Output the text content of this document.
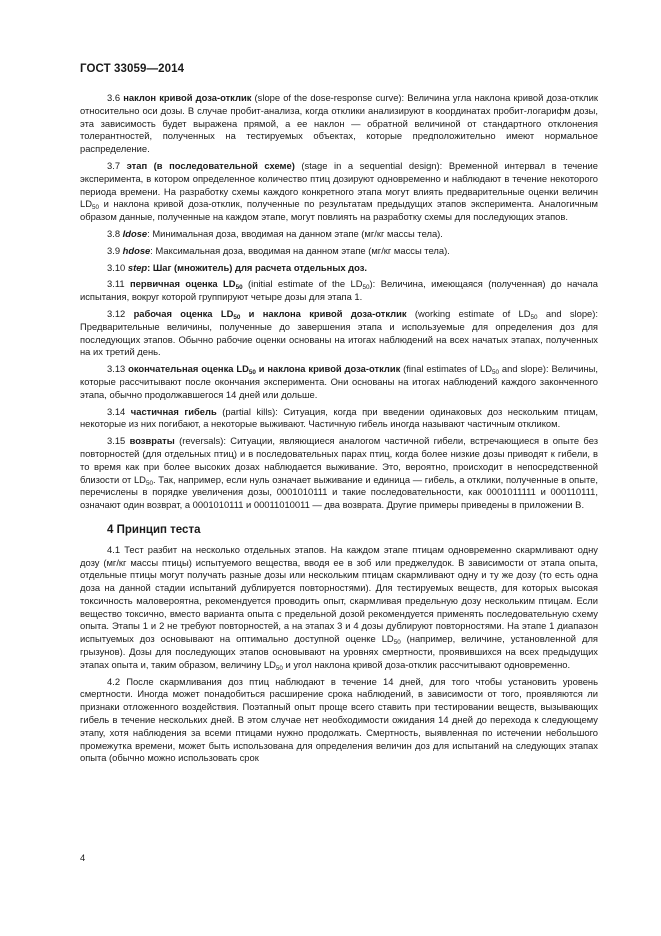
ГОСТ 33059—2014

3.6 наклон кривой доза-отклик (slope of the dose-response curve): Величина угла наклона кривой доза-отклик относительно оси дозы. В случае пробит-анализа, когда отклики анализируют в координатах пробит-логарифм дозы, эта зависимость будет выражена прямой, а ее наклон — обратной величиной от стандартного отклонения толерантностей, полученных на тестируемых объектах, которые предположительно имеют нормальное распределение.

3.7 этап (в последовательной схеме) (stage in a sequential design): Временной интервал в течение эксперимента, в котором определенное количество птиц дозируют одновременно и наблюдают в течение некоторого периода времени. На разработку схемы каждого конкретного этапа могут влиять предварительные оценки величин $LD_{50}$ и наклона кривой доза-отклик, полученные по результатам предыдущих этапов эксперимента. Аналогичным образом данные, полученные на каждом этапе, могут повлиять на разработку схемы для последующих этапов.

3.8 ldose: Минимальная доза, вводимая на данном этапе (мг/кг массы тела).

3.9 hdose: Максимальная доза, вводимая на данном этапе (мг/кг массы тела).

3.10 step: Шаг (множитель) для расчета отдельных доз.

3.11 первичная оценка $LD_{50}$ (initial estimate of the $LD_{50}$): Величина, имеющаяся (полученная) до начала испытания, вокруг которой группируют четыре дозы для этапа 1.

3.12 рабочая оценка $LD_{50}$ и наклона кривой доза-отклик (working estimate of $LD_{50}$ and slope): Предварительные величины, полученные до завершения этапа и используемые для определения доз для последующих этапов. Обычно рабочие оценки основаны на итогах наблюдений на всех начатых этапах, полученных на их третий день.

3.13 окончательная оценка $LD_{50}$ и наклона кривой доза-отклик (final estimates of $LD_{50}$ and slope): Величины, которые рассчитывают после окончания эксперимента. Они основаны на итогах наблюдений каждого законченного этапа, обычно продолжавшегося 14 дней или дольше.

3.14 частичная гибель (partial kills): Ситуация, когда при введении одинаковых доз нескольким птицам, некоторые из них погибают, а некоторые выживают. Частичную гибель иногда называют частичным откликом.

3.15 возвраты (reversals): Ситуации, являющиеся аналогом частичной гибели, встречающиеся в опыте без повторностей (для отдельных птиц) и в последовательных парах птиц, когда более низкие дозы приводят к гибели, в то время как при более высоких дозах наблюдается выживание. Это, вероятно, происходит в непосредственной близости от $LD_{50}$. Так, например, если нуль означает выживание и единица — гибель, а отклики, полученные в опыте, перечислены в порядке увеличения дозы, 0001010111 и такие последовательности, как 0001011111 и 000110111, означают один возврат, а 0001010111 и 00011010011 — два возврата. Другие примеры приведены в приложении В.

4 Принцип теста

4.1 Тест разбит на несколько отдельных этапов. На каждом этапе птицам одновременно скармливают одну дозу (мг/кг массы птицы) испытуемого вещества, вводя ее в зоб или преджелудок. В зависимости от этапа опыта, отдельные птицы могут получать разные дозы или нескольким птицам скармливают одну и ту же дозу (то есть одна доза на данной стадии испытаний дублируется повторностями). Для тестируемых веществ, для которых высокая токсичность маловероятна, рекомендуется проводить опыт, скармливая предельную дозу нескольким птицам. Если вещество токсично, вместо варианта опыта с предельной дозой рекомендуется применять последовательную схему опыта. Этапы 1 и 2 не требуют повторностей, а на этапах 3 и 4 дозы дублируют повторностями. На этапе 1 диапазон испытуемых доз основывают на оптимально доступной оценке $LD_{50}$ (например, величине, установленной для грызунов). Дозы для последующих этапов основывают на уровнях смертности, проявившихся на всех предыдущих этапах опыта и, таким образом, величину $LD_{50}$ и угол наклона кривой доза-отклик рассчитывают одновременно.

4.2 После скармливания доз птиц наблюдают в течение 14 дней, для того чтобы установить уровень смертности. Иногда может понадобиться расширение срока наблюдений, в зависимости от того, проявляются ли признаки отложенного воздействия. Поэтапный опыт проще всего ставить при тестировании веществ, вызывающих гибель в течение нескольких дней. В этом случае нет необходимости ожидания 14 дней до перехода к следующему этапу, хотя наблюдения за всеми птицами нужно продолжать. Смертность, выявленная по истечении небольшого промежутка времени, может быть использована для определения величин доз для испытаний на следующих этапах опыта (обычно можно использовать срок

4
